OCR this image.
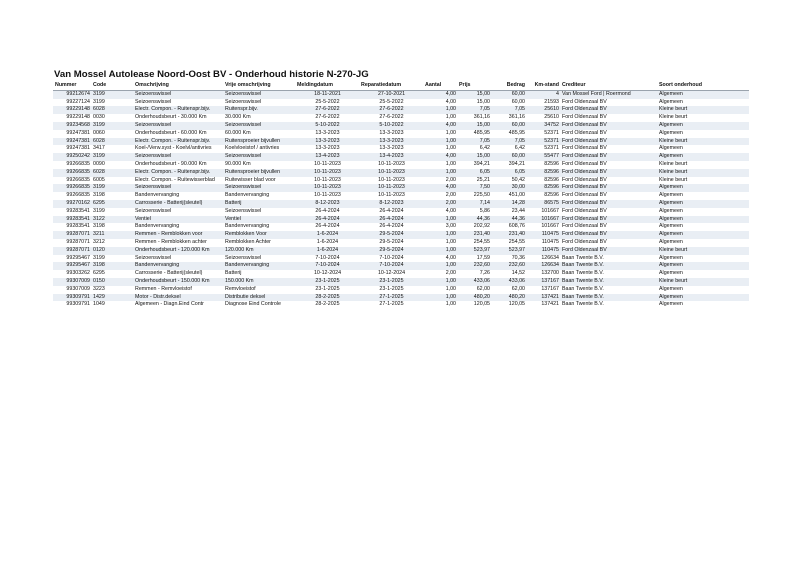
Van Mossel Autolease Noord-Oost BV - Onderhoud historie N-270-JG
Nummer	Code	Omschrijving	Vrije omschrijving	Meldingdatum	Reparatiedatum	Aantal	Prijs	Bedrag	Km-stand	Crediteur	Soort onderhoud
99212674	3199	Seizoenswissel	Seizoenswissel	18-11-2021	27-10-2021	4,00	15,00	60,00	4	Van Mossel Ford | Roermond	Algemeen
99227124	3199	Seizoenswissel	Seizoenswissel	25-5-2022	25-5-2022	4,00	15,00	60,00	21593	Ford Oldenzaal BV	Algemeen
99229148	6028	Electr. Compon. - Ruitenspr.bijv.	Ruitenspr.bijv.	27-6-2022	27-6-2022	1,00	7,05	7,05	25610	Ford Oldenzaal BV	Kleine beurt
99229148	0030	Onderhoudsbeurt - 30.000 Km	30.000 Km	27-6-2022	27-6-2022	1,00	361,16	361,16	25610	Ford Oldenzaal BV	Kleine beurt
99234568	3199	Seizoenswissel	Seizoenswissel	5-10-2022	5-10-2022	4,00	15,00	60,00	34752	Ford Oldenzaal BV	Algemeen
99247381	0060	Onderhoudsbeurt - 60.000 Km	60.000 Km	13-3-2023	13-3-2023	1,00	485,95	485,95	52371	Ford Oldenzaal BV	Algemeen
99247381	6028	Electr. Compon. - Ruitenspr.bijv.	Ruitensproeier bijvullen	13-3-2023	13-3-2023	1,00	7,05	7,05	52371	Ford Oldenzaal BV	Kleine beurt
99247381	3417	Koel-/Verw.syst - Koelvl/antivries	Koelvloeistof / antivries	13-3-2023	13-3-2023	1,00	6,42	6,42	52371	Ford Oldenzaal BV	Algemeen
99250242	3199	Seizoenswissel	Seizoenswissel	13-4-2023	13-4-2023	4,00	15,00	60,00	55477	Ford Oldenzaal BV	Algemeen
99266835	0090	Onderhoudsbeurt - 90.000 Km	90.000 Km	10-11-2023	10-11-2023	1,00	394,21	394,21	82596	Ford Oldenzaal BV	Kleine beurt
99266835	6028	Electr. Compon. - Ruitenspr.bijv.	Ruitensproeier bijvullen	10-11-2023	10-11-2023	1,00	6,05	6,05	82596	Ford Oldenzaal BV	Kleine beurt
99266835	6005	Electr. Compon. - Ruitewisserblad	Ruitewisser blad voor	10-11-2023	10-11-2023	2,00	25,21	50,42	82596	Ford Oldenzaal BV	Kleine beurt
99266835	3199	Seizoenswissel	Seizoenswissel	10-11-2023	10-11-2023	4,00	7,50	30,00	82596	Ford Oldenzaal BV	Algemeen
99266835	3198	Bandenvervanging	Bandenvervanging	10-11-2023	10-11-2023	2,00	225,50	451,00	82596	Ford Oldenzaal BV	Algemeen
99270162	6295	Carrosserie - Batterij(sleutel)	Batterij	8-12-2023	8-12-2023	2,00	7,14	14,28	86575	Ford Oldenzaal BV	Algemeen
99283541	3199	Seizoenswissel	Seizoenswissel	26-4-2024	26-4-2024	4,00	5,86	23,44	101667	Ford Oldenzaal BV	Algemeen
99283541	3122	Ventiel	Ventiel	26-4-2024	26-4-2024	1,00	44,36	44,36	101667	Ford Oldenzaal BV	Algemeen
99283541	3198	Bandenvervanging	Bandenvervanging	26-4-2024	26-4-2024	3,00	202,92	608,76	101667	Ford Oldenzaal BV	Algemeen
99287071	3211	Remmen - Remblokken voor	Remblokken Voor	1-6-2024	29-5-2024	1,00	231,40	231,40	110475	Ford Oldenzaal BV	Algemeen
99287071	3212	Remmen - Remblokken achter	Remblokken Achter	1-6-2024	29-5-2024	1,00	254,55	254,55	110475	Ford Oldenzaal BV	Algemeen
99287071	0120	Onderhoudsbeurt - 120.000 Km	120.000 Km	1-6-2024	29-5-2024	1,00	523,97	523,97	110475	Ford Oldenzaal BV	Kleine beurt
99295467	3199	Seizoenswissel	Seizoenswissel	7-10-2024	7-10-2024	4,00	17,59	70,36	126634	Baan Twente B.V.	Algemeen
99295467	3198	Bandenvervanging	Bandenvervanging	7-10-2024	7-10-2024	1,00	232,60	232,60	126634	Baan Twente B.V.	Algemeen
99303262	6295	Carrosserie - Batterij(sleutel)	Batterij	10-12-2024	10-12-2024	2,00	7,26	14,52	132700	Baan Twente B.V.	Algemeen
99307009	0150	Onderhoudsbeurt - 150.000 Km	150.000 Km	23-1-2025	23-1-2025	1,00	433,06	433,06	137167	Baan Twente B.V.	Kleine beurt
99307009	3223	Remmen - Remvloeistof	Remvloeistof	23-1-2025	23-1-2025	1,00	62,00	62,00	137167	Baan Twente B.V.	Algemeen
99309791	1429	Motor - Distr.deksel	Distributie deksel	28-2-2025	27-1-2025	1,00	480,20	480,20	137421	Baan Twente B.V.	Algemeen
99309791	1049	Algemeen - Diagn.Eind Contr	Diagnose Eind Controle	28-2-2025	27-1-2025	1,00	120,05	120,05	137421	Baan Twente B.V.	Algemeen
